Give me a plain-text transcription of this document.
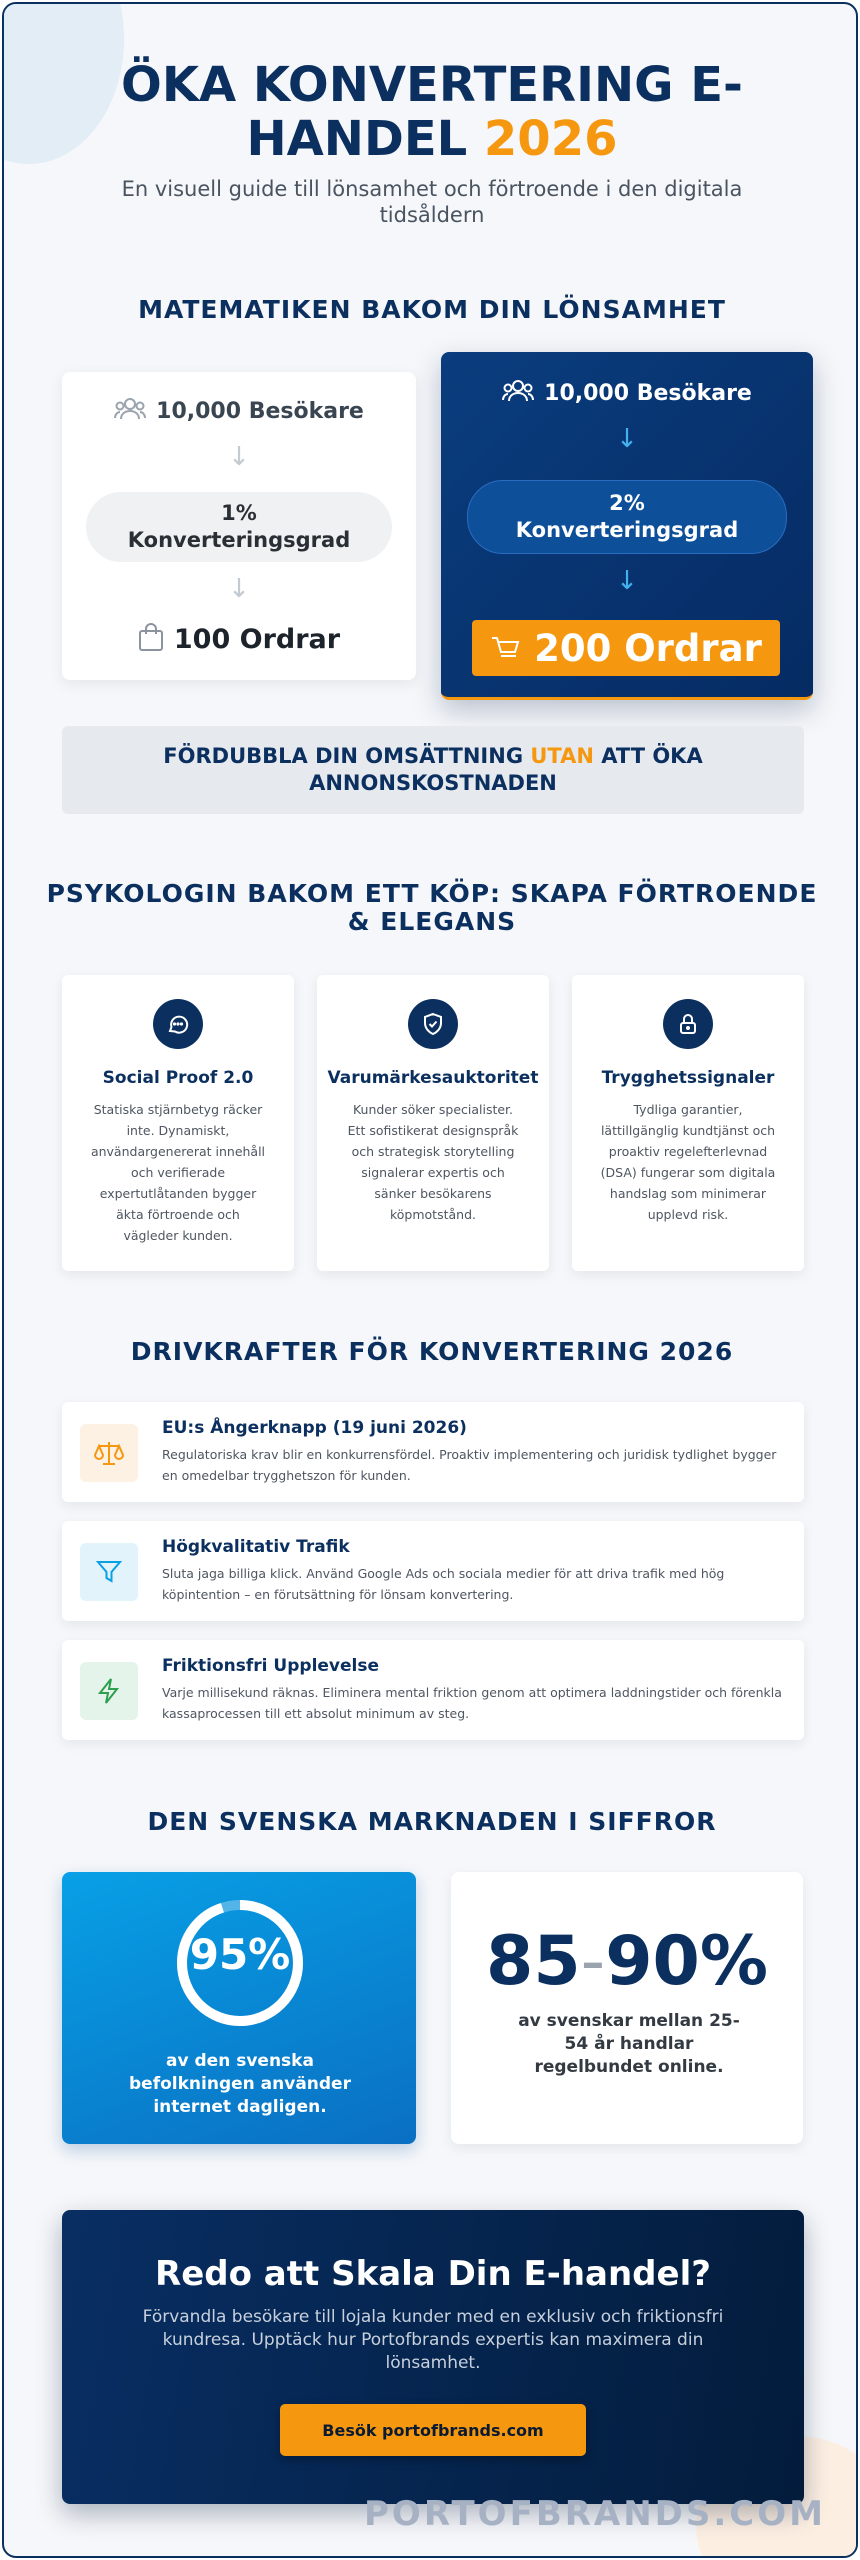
ÖKA KONVERTERING E-
HANDEL 2026
En visuell guide till lönsamhet och förtroende i den digitala tidsåldern
MATEMATIKEN BAKOM DIN LÖNSAMHET
10,000 Besökare
↓
1%
Konverteringsgrad
↓
100 Ordrar
10,000 Besökare
↓
2%
Konverteringsgrad
↓
200 Ordrar
FÖRDUBBLA DIN OMSÄTTNING UTAN ATT ÖKA ANNONSKOSTNADEN
PSYKOLOGIN BAKOM ETT KÖP: SKAPA FÖRTROENDE & ELEGANS
Social Proof 2.0
Statiska stjärnbetyg räcker inte. Dynamiskt, användargenererat innehåll och verifierade expertutlåtanden bygger äkta förtroende och vägleder kunden.
Varumärkesauktoritet
Kunder söker specialister. Ett sofistikerat designspråk och strategisk storytelling signalerar expertis och sänker besökarens köpmotstånd.
Trygghetssignaler
Tydliga garantier, lättillgänglig kundtjänst och proaktiv regelefterlevnad (DSA) fungerar som digitala handslag som minimerar upplevd risk.
DRIVKRAFTER FÖR KONVERTERING 2026
EU:s Ångerknapp (19 juni 2026)
Regulatoriska krav blir en konkurrensfördel. Proaktiv implementering och juridisk tydlighet bygger en omedelbar trygghetszon för kunden.
Högkvalitativ Trafik
Sluta jaga billiga klick. Använd Google Ads och sociala medier för att driva trafik med hög köpintention – en förutsättning för lönsam konvertering.
Friktionsfri Upplevelse
Varje millisekund räknas. Eliminera mental friktion genom att optimera laddningstider och förenkla kassaprocessen till ett absolut minimum av steg.
DEN SVENSKA MARKNADEN I SIFFROR
95%
av den svenska befolkningen använder internet dagligen.
85-90%
av svenskar mellan 25-54 år handlar regelbundet online.
Redo att Skala Din E-handel?
Förvandla besökare till lojala kunder med en exklusiv och friktionsfri kundresa. Upptäck hur Portofbrands expertis kan maximera din lönsamhet.
Besök portofbrands.com
PORTOFBRANDS.COM
